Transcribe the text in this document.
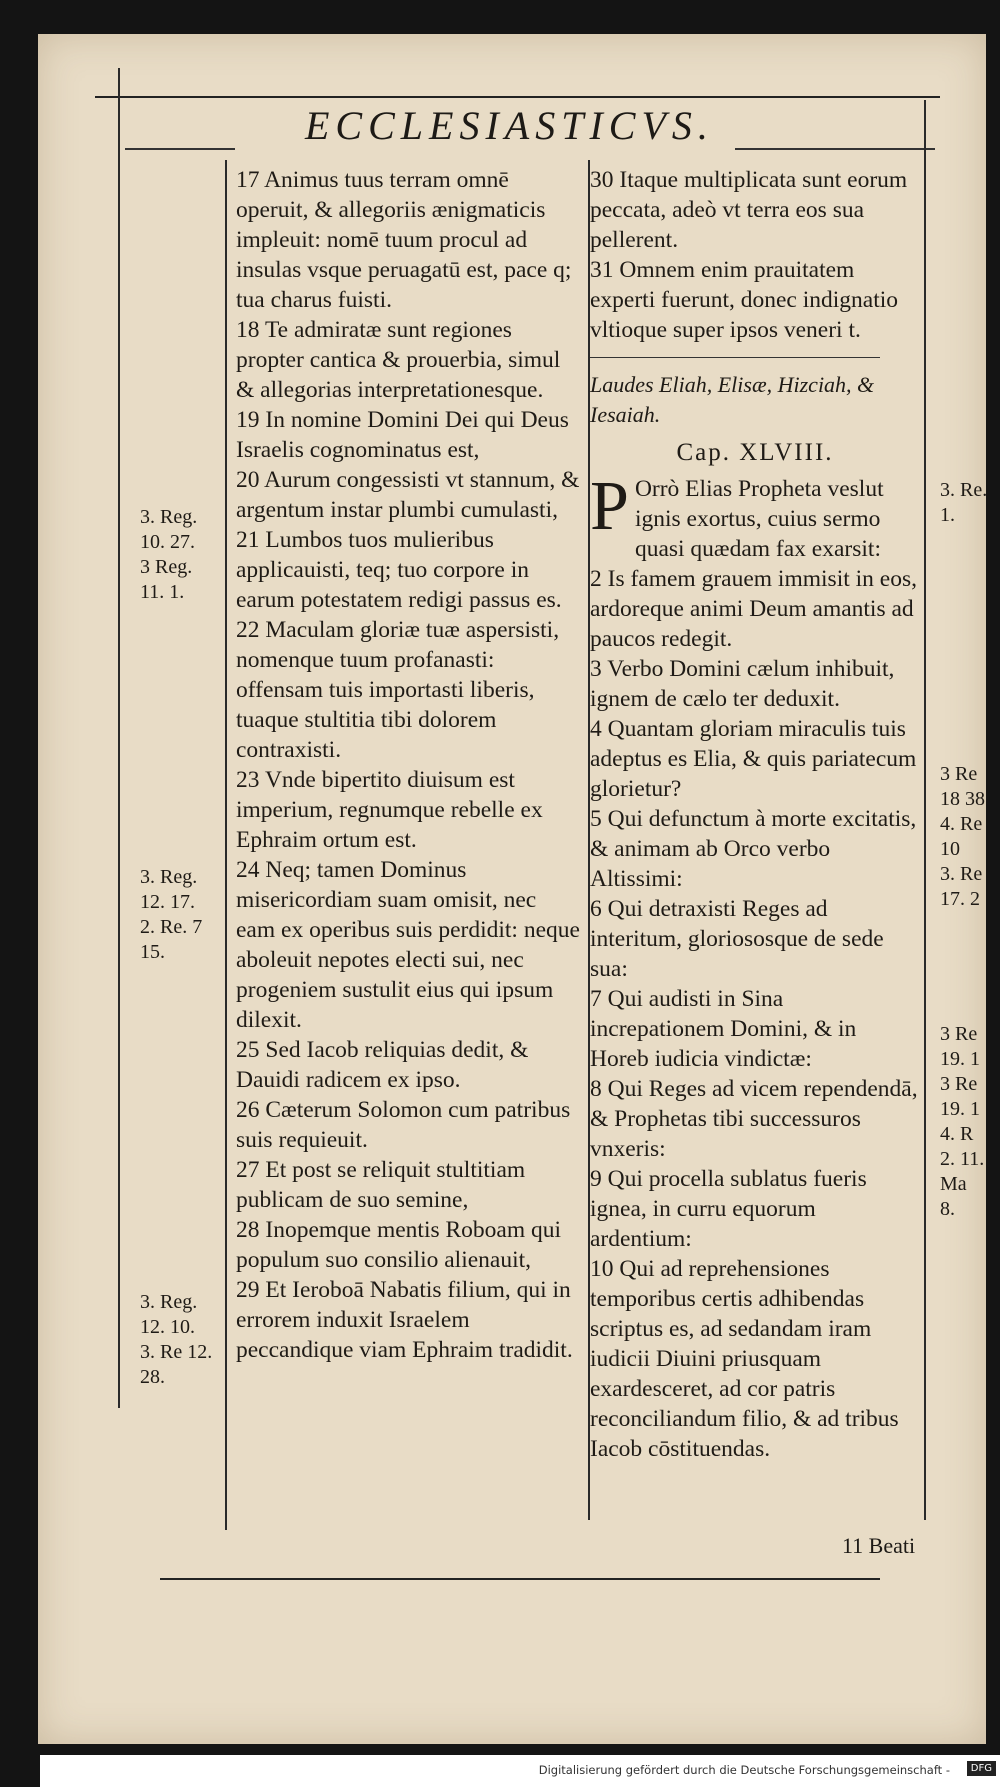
ECCLESIASTICVS.
3. Reg.
10. 27.
3 Reg.
11. 1.
3. Reg.
12. 17.
2. Re. 7
15.
3. Reg.
12. 10.
3. Re 12.
28.

17 Animus tuus terram omnē operuit, & allegoriis ænigmaticis impleuit: nomē tuum procul ad insulas vsque peruagatū est, pace q; tua charus fuisti.

18 Te admiratæ sunt regiones propter cantica & prouerbia, simul & allegorias interpretationesque.

19 In nomine Domini Dei qui Deus Israelis cognominatus est,

20 Aurum congessisti vt stannum, & argentum instar plumbi cumulasti,

21 Lumbos tuos mulieribus applicauisti, teq; tuo corpore in earum potestatem redigi passus es.

22 Maculam gloriæ tuæ aspersisti, nomenque tuum profanasti: offensam tuis importasti liberis, tuaque stultitia tibi dolorem contraxisti.

23 Vnde bipertito diuisum est imperium, regnumque rebelle ex Ephraim ortum est.

24 Neq; tamen Dominus misericordiam suam omisit, nec eam ex operibus suis perdidit: neque aboleuit nepotes electi sui, nec progeniem sustulit eius qui ipsum dilexit.

25 Sed Iacob reliquias dedit, & Dauidi radicem ex ipso.

26 Cæterum Solomon cum patribus suis requieuit.

27 Et post se reliquit stultitiam publicam de suo semine,

28 Inopemque mentis Roboam qui populum suo consilio alienauit,

29 Et Ieroboā Nabatis filium, qui in errorem induxit Israelem peccandique viam Ephraim tradidit.

30 Itaque multiplicata sunt eorum peccata, adeò vt terra eos sua pellerent.

31 Omnem enim prauitatem experti fuerunt, donec indignatio vltioque super ipsos veneri t.

Laudes Eliah, Elisæ, Hizciah, & Iesaiah.

Cap. XLVIII.

P Orrò Elias Propheta veslut ignis exortus, cuius sermo quasi quædam fax exarsit:

2 Is famem grauem immisit in eos, ardoreque animi Deum amantis ad paucos redegit.

3 Verbo Domini cælum inhibuit, ignem de cælo ter deduxit.

4 Quantam gloriam miraculis tuis adeptus es Elia, & quis pariatecum glorietur?

5 Qui defunctum à morte excitatis, & animam ab Orco verbo Altissimi:

6 Qui detraxisti Reges ad interitum, gloriososque de sede sua:

7 Qui audisti in Sina increpationem Domini, & in Horeb iudicia vindictæ:

8 Qui Reges ad vicem rependendā, & Prophetas tibi successuros vnxeris:

9 Qui procella sublatus fueris ignea, in curru equorum ardentium:

10 Qui ad reprehensiones temporibus certis adhibendas scriptus es, ad sedandam iram iudicii Diuini priusquam exardesceret, ad cor patris reconciliandum filio, & ad tribus Iacob cōstituendas.

3. Re.
1.
3 Re
18 38
4. Re
10
3. Re
17. 2
3 Re
19. 1
3 Re
19. 1
4. R
2. 11.
Ma
8.
11 Beati
Digitalisierung gefördert durch die Deutsche Forschungsgemeinschaft -	DFG
